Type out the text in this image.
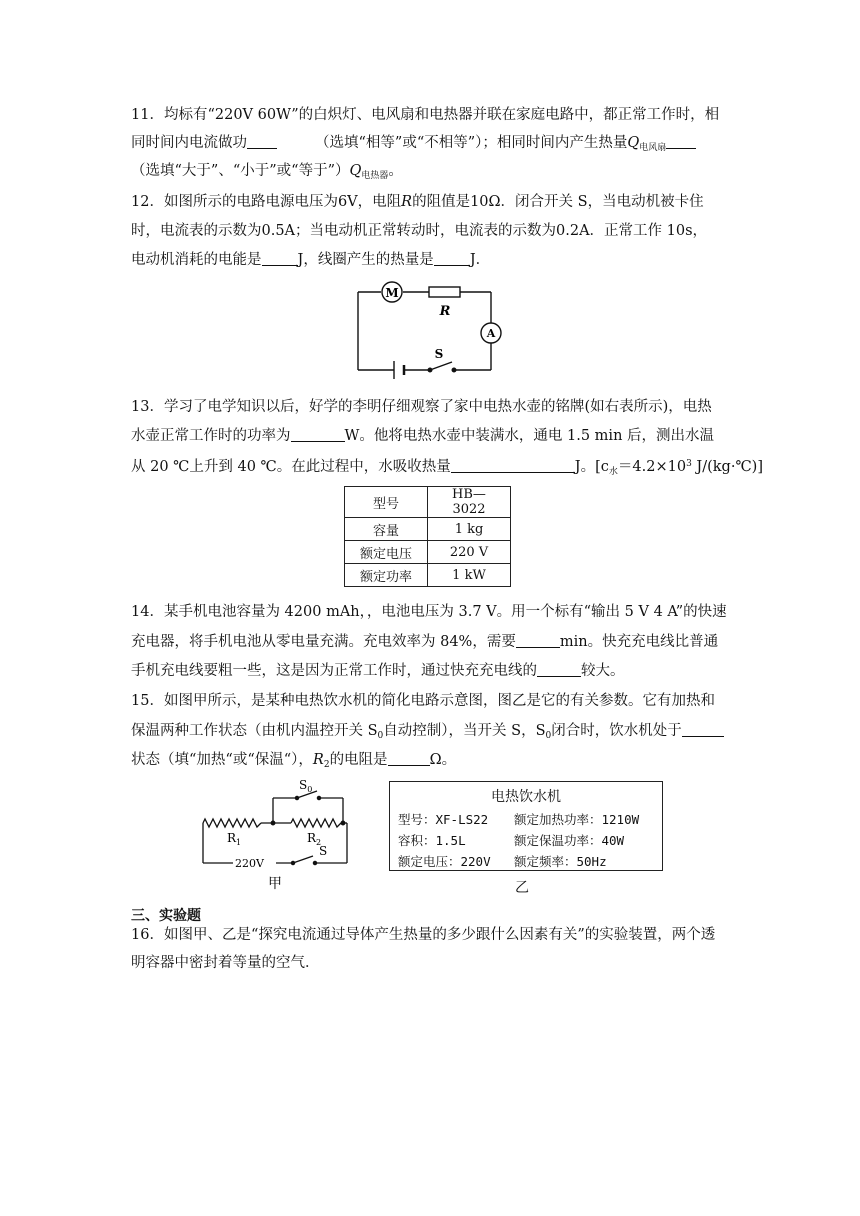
11．均标有“220V 60W”的白炽灯、电风扇和电热器并联在家庭电路中，都正常工作时，相
同时间内电流做功	（选填“相等”或“不相等”）；相同时间内产生热量$Q_{电风扇}$
（选填“大于”、“小于”或“等于$”)Q_{电热器}$。
12．如图所示的电路电源电压为6V，电阻R的阻值是10Ω．闭合开关 S，当电动机被卡住
时，电流表的示数为0.5A；当电动机正常转动时，电流表的示数为0.2A．正常工作 10s，
电动机消耗的电能是 J，线圈产生的热量是 J．
M
R
A
S
13．学习了电学知识以后，好学的李明仔细观察了家中电热水壶的铭牌(如右表所示)，电热
水壶正常工作时的功率为	W。他将电热水壶中装满水，通电 1.5 min 后，测出水温
从 20 ℃上升到 40 ℃。在此过程中，水吸收热量	J。[$c_水=4.2\times 10^3$ J/(kg·℃)]
型号	HB—3022
容量	1 kg
额定电压	220 V
额定功率	1 kW
14．某手机电池容量为 4200 mAh，，电池电压为 3.7 V。用一个标有“输出 5 V 4 A”的快速
充电器，将手机电池从零电量充满。充电效率为 84%，需要	min。快充充电线比普通
手机充电线要粗一些，这是因为正常工作时，通过快充充电线的	较大。
15．如图甲所示，是某种电热饮水机的简化电路示意图，图乙是它的有关参数。它有加热和
保温两种工作状态（由机内温控开关 $S_0$自动控制），当开关 S，$S_0$闭合时，饮水机处于
状态（填“加热“或“保温“），$R_2$的电阻是	Ω。
$S_0$
$R_1$	$R_2$
220V
S
甲
电热饮水机
型号：XF-LS22	额定加热功率：1210W
容积：1.5L	额定保温功率：40W
额定电压：220V	额定频率：50Hz
乙
三、实验题
16．如图甲、乙是“探究电流通过导体产生热量的多少跟什么因素有关”的实验装置，两个透
明容器中密封着等量的空气．
